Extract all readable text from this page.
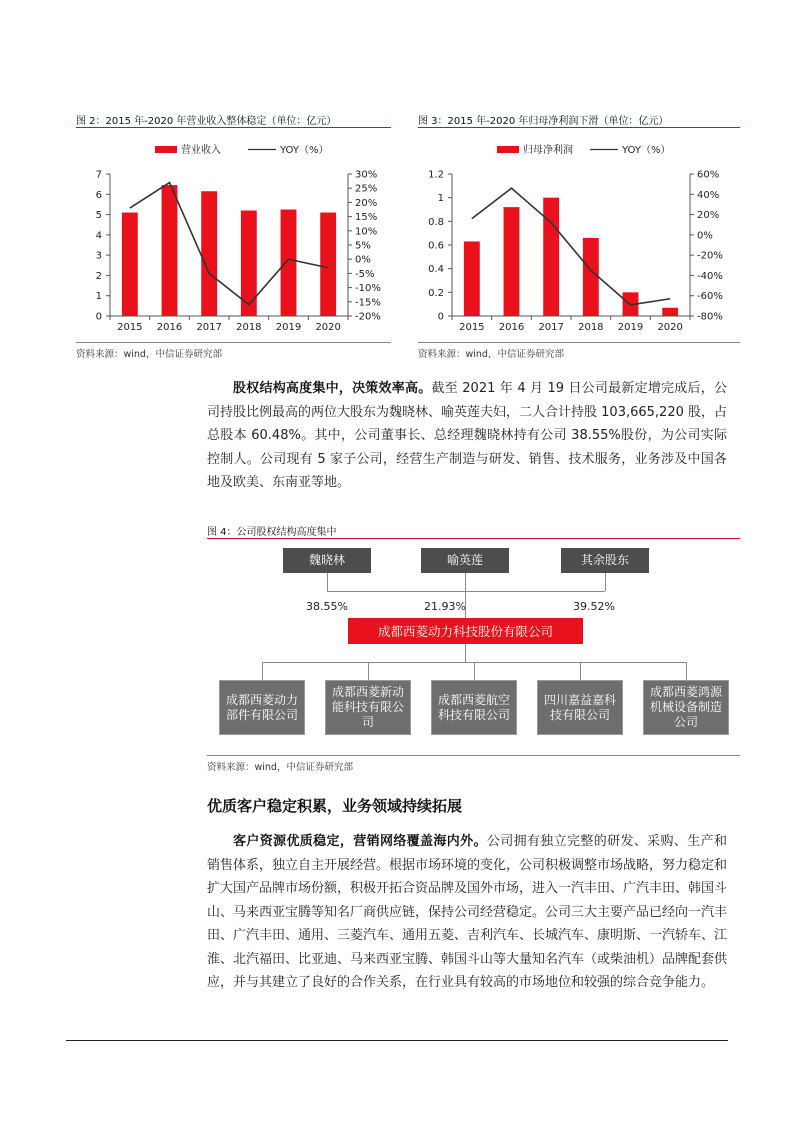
图 2：2015 年-2020 年营业收入整体稳定（单位：亿元）
营业收入	YOY（%）
0
1
2
3
4
5
6
7
-20%
-15%
-10%
-5%
0%
5%
10%
15%
20%
25%
30%
2015 2016 2017 2018 2019 2020
资料来源：wind，中信证券研究部
图 3：2015 年-2020 年归母净利润下滑（单位：亿元）
归母净利润	YOY（%）
0
0.2
0.4
0.6
0.8
1
1.2
-80%
-60%
-40%
-20%
0%
20%
40%
60%
2015 2016 2017 2018 2019 2020
资料来源：wind，中信证券研究部
股权结构高度集中，决策效率高。截至 2021 年 4 月 19 日公司最新定增完成后，公司持股比例最高的两位大股东为魏晓林、喻英莲夫妇，二人合计持股 103,665,220 股，占总股本 60.48%。其中，公司董事长、总经理魏晓林持有公司 38.55%股份，为公司实际控制人。公司现有 5 家子公司，经营生产制造与研发、销售、技术服务，业务涉及中国各地及欧美、东南亚等地。
图 4：公司股权结构高度集中
魏晓林	喻英莲	其余股东
38.55%	21.93%	39.52%
成都西菱动力科技股份有限公司
成都西菱动力部件有限公司
成都西菱新动能科技有限公司
成都西菱航空科技有限公司
四川嘉益嘉科技有限公司
成都西菱鸿源机械设备制造公司
资料来源：wind，中信证券研究部
优质客户稳定积累，业务领域持续拓展
客户资源优质稳定，营销网络覆盖海内外。公司拥有独立完整的研发、采购、生产和销售体系，独立自主开展经营。根据市场环境的变化，公司积极调整市场战略，努力稳定和扩大国产品牌市场份额，积极开拓合资品牌及国外市场，进入一汽丰田、广汽丰田、韩国斗山、马来西亚宝腾等知名厂商供应链，保持公司经营稳定。公司三大主要产品已经向一汽丰田、广汽丰田、通用、三菱汽车、通用五菱、吉利汽车、长城汽车、康明斯、一汽轿车、江淮、北汽福田、比亚迪、马来西亚宝腾、韩国斗山等大量知名汽车（或柴油机）品牌配套供应，并与其建立了良好的合作关系，在行业具有较高的市场地位和较强的综合竞争能力。
